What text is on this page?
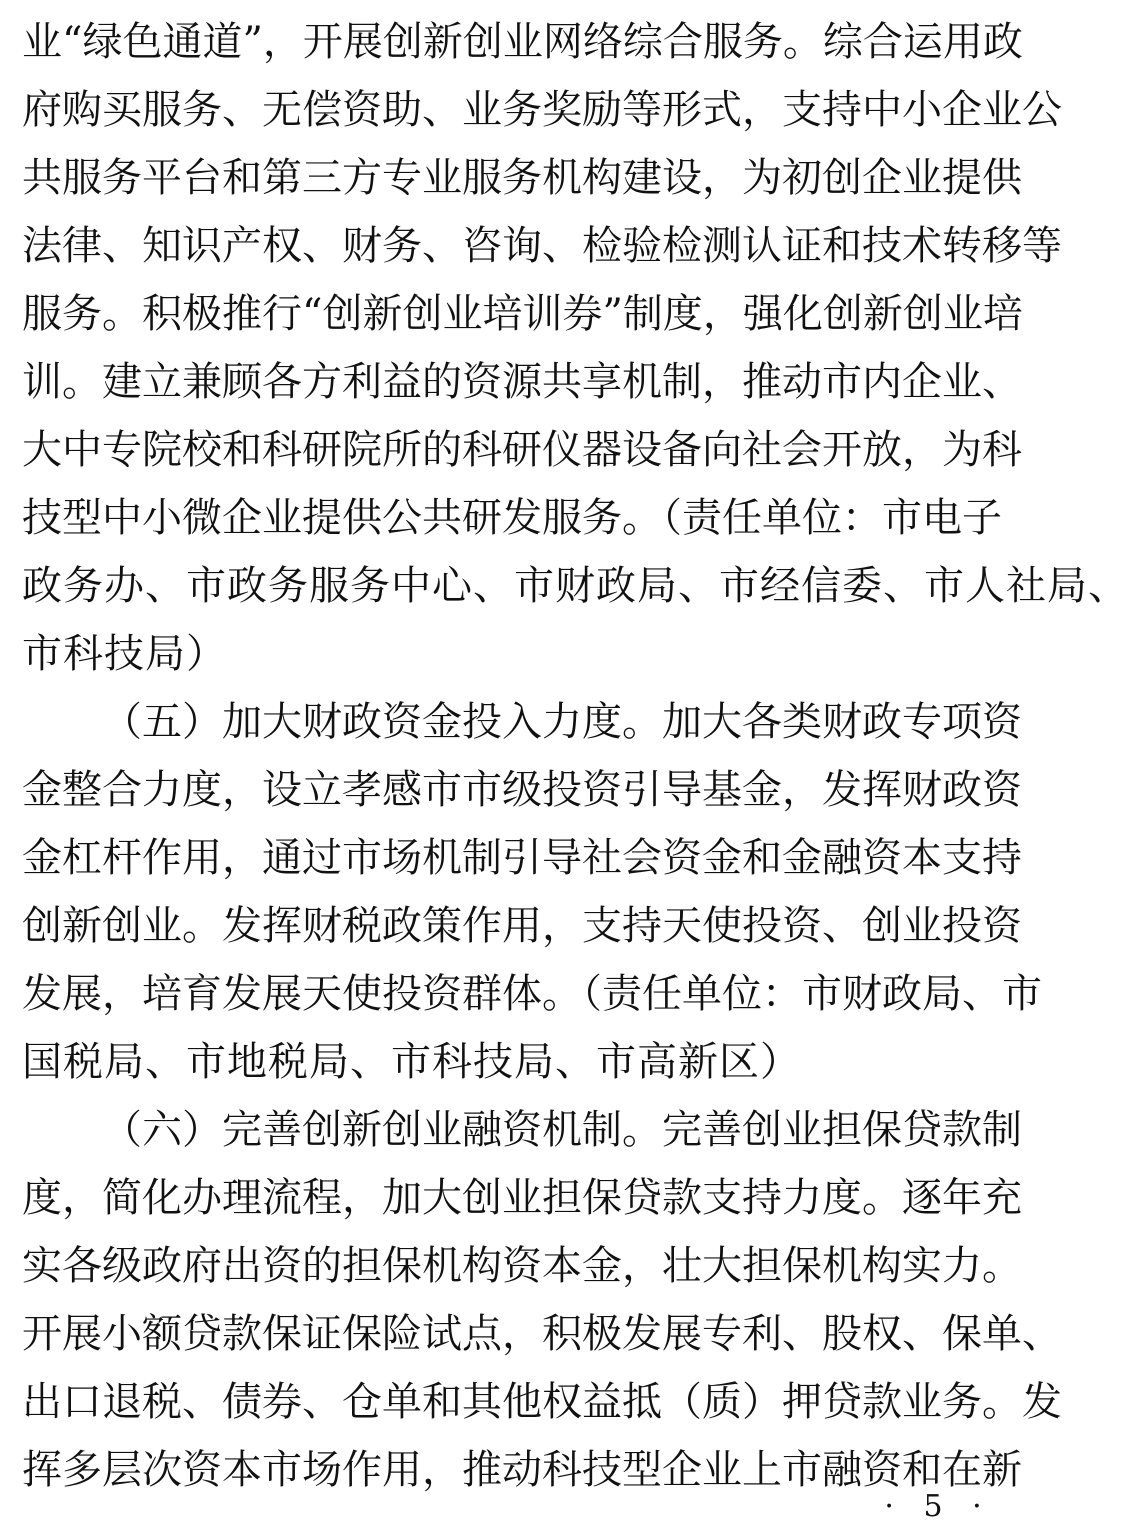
业“绿色通道”，开展创新创业网络综合服务。综合运用政
府购买服务、无偿资助、业务奖励等形式，支持中小企业公
共服务平台和第三方专业服务机构建设，为初创企业提供
法律、知识产权、财务、咨询、检验检测认证和技术转移等
服务。积极推行“创新创业培训券”制度，强化创新创业培
训。建立兼顾各方利益的资源共享机制，推动市内企业、
大中专院校和科研院所的科研仪器设备向社会开放，为科
技型中小微企业提供公共研发服务。（责任单位：市电子
政务办、市政务服务中心、市财政局、市经信委、市人社局、
市科技局）
（五）加大财政资金投入力度。加大各类财政专项资
金整合力度，设立孝感市市级投资引导基金，发挥财政资
金杠杆作用，通过市场机制引导社会资金和金融资本支持
创新创业。发挥财税政策作用，支持天使投资、创业投资
发展，培育发展天使投资群体。（责任单位：市财政局、市
国税局、市地税局、市科技局、市高新区）
（六）完善创新创业融资机制。完善创业担保贷款制
度，简化办理流程，加大创业担保贷款支持力度。逐年充
实各级政府出资的担保机构资本金，壮大担保机构实力。
开展小额贷款保证保险试点，积极发展专利、股权、保单、
出口退税、债券、仓单和其他权益抵（质）押贷款业务。发
挥多层次资本市场作用，推动科技型企业上市融资和在新
· 5 ·
